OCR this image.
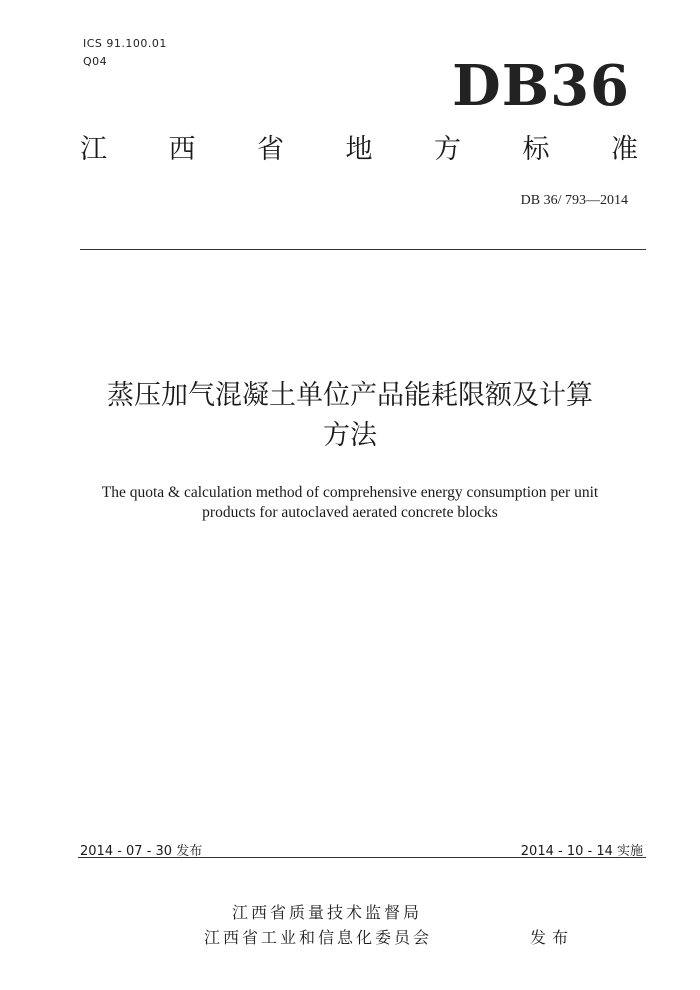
ICS 91.100.01
Q04	DB36
江 西 省 地 方 标 准
DB 36/ 793—2014
蒸压加气混凝土单位产品能耗限额及计算
方法
The quota & calculation method of comprehensive energy consumption per unit
products for autoclaved aerated concrete blocks
2014 - 07 - 30 发布	2014 - 10 - 14 实施
江西省质量技术监督局
江西省工业和信息化委员会	发布
